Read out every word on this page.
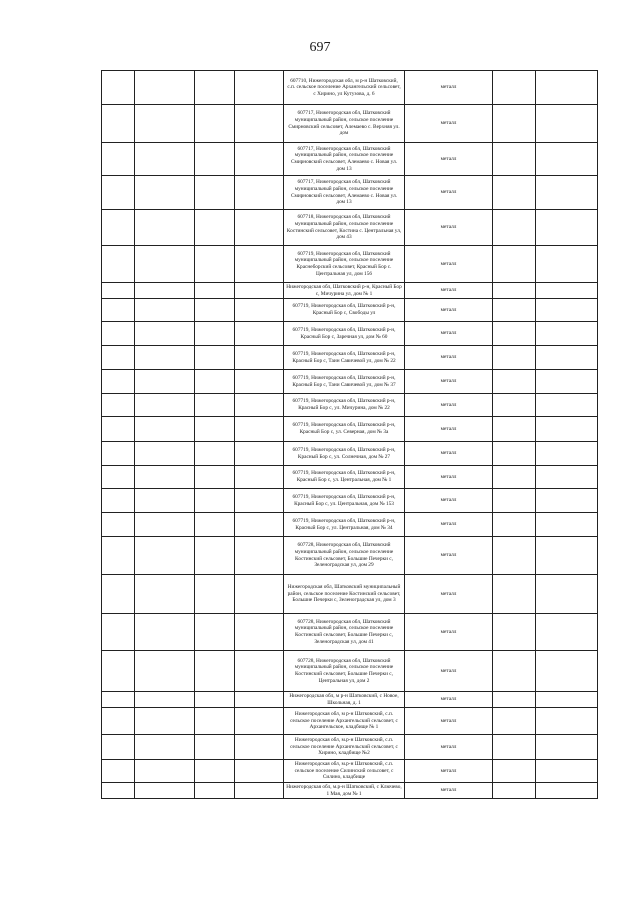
697
				607710, Нижегородская обл, м р-н Шатковский, с.п. сельское поселение Архангельский сельсовет, с Хирино, ул Кутузова, д. 6	металл		
				607717, Нижегородская обл, Шатковский муниципальный район, сельское поселение Смирновский сельсовет, Алемаево с. Верхняя ул. дом	металл		
				607717, Нижегородская обл, Шатковский муниципальный район, сельское поселение Смирновский сельсовет, Алемаево с. Новая ул. дом 13	металл		
				607717, Нижегородская обл, Шатковский муниципальный район, сельское поселение Смирновский сельсовет, Алемаево с. Новая ул. дом 13	металл		
				607718, Нижегородская обл, Шатковский муниципальный район, сельское поселение Костинский сельсовет, Костина с. Центральная ул, дом 43	металл		
				607719, Нижегородская обл, Шатковский муниципальный район, сельское поселение Краснеборский сельсовет, Красный Бор с. Центральная ул, дом 156	металл		
				Нижегородская обл, Шатковский р-н, Красный Бор с, Мичурина ул, дом № 1	металл		
				607719, Нижегородская обл, Шатковский р-н, Красный Бор с, Свободы ул	металл		
				607719, Нижегородская обл, Шатковский р-н, Красный Бор с, Заречная ул, дом № 60	металл		
				607719, Нижегородская обл, Шатковский р-н, Красный Бор с, Таин Савичевой ул, дом № 22	металл		
				607719, Нижегородская обл, Шатковский р-н, Красный Бор с, Тани Савичевой ул, дом № 37	металл		
				607719, Нижегородская обл, Шатковский р-н, Красный Бор с, ул. Мичурина, дом № 22	металл		
				607719, Нижегородская обл, Шатковский р-н, Красный Бор с, ул. Северная, дом № 3а	металл		
				607719, Нижегородская обл, Шатковский р-н, Красный Бор с, ул. Солнечная, дом № 27	металл		
				607719, Нижегородская обл, Шатковский р-н, Красный Бор с, ул. Центральная, дом № 1	металл		
				607719, Нижегородская обл, Шатковский р-н, Красный Бор с, ул. Центральная, дом № 153	металл		
				607719, Нижегородская обл, Шатковский р-н, Красный Бор с, ул. Центральная, дом № 34	металл		
				607728, Нижегородская обл, Шатковский муниципальный район, сельское поселение Костинский сельсовет, Большие Печерки с, Зеленоградская ул, дом 29	металл		
				Нижегородская обл, Шатковский муниципальный район, сельское поселение Костинский сельсовет, Большие Печерки с, Зеленоградская ул, дом 3	металл		
				607728, Нижегородская обл, Шатковский муниципальный район, сельское поселение Костинский сельсовет, Большие Печерки с, Зеленоградская ул, дом 41	металл		
				607728, Нижегородская обл, Шатковский муниципальный район, сельское поселение Костинский сельсовет, Большие Печерки с, Центральная ул, дом 2	металл		
				Нижегородская обл, м р-н Шатковский, с Новое, Школьная, д. 1	металл		
				Нижегородская обл, м р-н Шатковский, с.п. сельское поселение Архангельский сельсовет, с Архангельское, кладбище № 1	металл		
				Нижегородская обл, м.р-н Шатковский, с.п. сельское поселение Архангельский сельсовет, с Хирино, кладбище №2	металл		
				Нижегородская обл, м.р-н Шатковский, с.п. сельское поселение Силинский сельсовет, с Силино, кладбище	металл		
				Нижегородская обл, м.р-н Шатковский, с Ключево, 1 Мая, дом № 1	металл		
